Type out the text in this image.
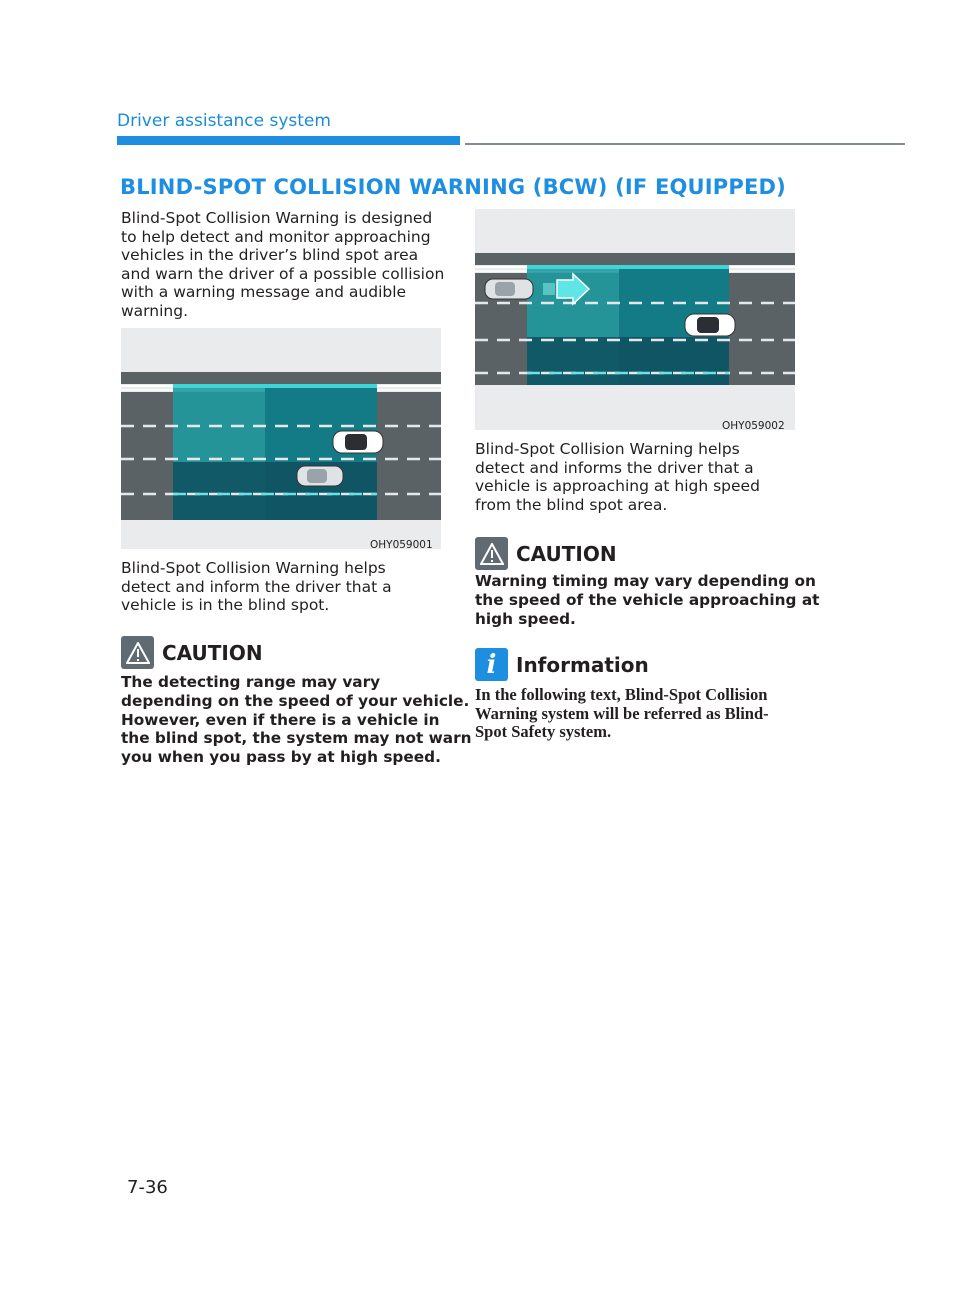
Driver assistance system
BLIND-SPOT COLLISION WARNING (BCW) (IF EQUIPPED)
Blind-Spot Collision Warning is designed
to help detect and monitor approaching
vehicles in the driver’s blind spot area
and warn the driver of a possible collision
with a warning message and audible
warning.
OHY059001
Blind-Spot Collision Warning helps
detect and inform the driver that a
vehicle is in the blind spot.
CAUTION
The detecting range may vary
depending on the speed of your vehicle.
However, even if there is a vehicle in
the blind spot, the system may not warn
you when you pass by at high speed.
OHY059002
Blind-Spot Collision Warning helps
detect and informs the driver that a
vehicle is approaching at high speed
from the blind spot area.
CAUTION
Warning timing may vary depending on
the speed of the vehicle approaching at
high speed.
i Information
In the following text, Blind-Spot Collision
Warning system will be referred as Blind-
Spot Safety system.
7-36
